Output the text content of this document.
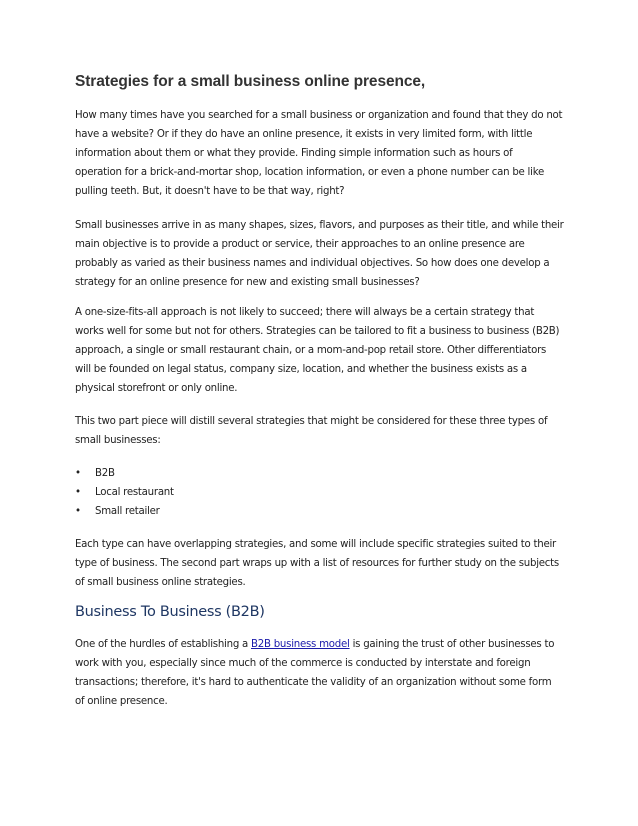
Strategies for a small business online presence,

How many times have you searched for a small business or organization and found that they do not
have a website? Or if they do have an online presence, it exists in very limited form, with little
information about them or what they provide. Finding simple information such as hours of
operation for a brick-and-mortar shop, location information, or even a phone number can be like
pulling teeth. But, it doesn't have to be that way, right?

Small businesses arrive in as many shapes, sizes, flavors, and purposes as their title, and while their
main objective is to provide a product or service, their approaches to an online presence are
probably as varied as their business names and individual objectives. So how does one develop a
strategy for an online presence for new and existing small businesses?

A one-size-fits-all approach is not likely to succeed; there will always be a certain strategy that
works well for some but not for others. Strategies can be tailored to fit a business to business (B2B)
approach, a single or small restaurant chain, or a mom-and-pop retail store. Other differentiators
will be founded on legal status, company size, location, and whether the business exists as a
physical storefront or only online.

This two part piece will distill several strategies that might be considered for these three types of
small businesses:

• B2B
• Local restaurant
• Small retailer

Each type can have overlapping strategies, and some will include specific strategies suited to their
type of business. The second part wraps up with a list of resources for further study on the subjects
of small business online strategies.

Business To Business (B2B)

One of the hurdles of establishing a B2B business model is gaining the trust of other businesses to
work with you, especially since much of the commerce is conducted by interstate and foreign
transactions; therefore, it's hard to authenticate the validity of an organization without some form
of online presence.
